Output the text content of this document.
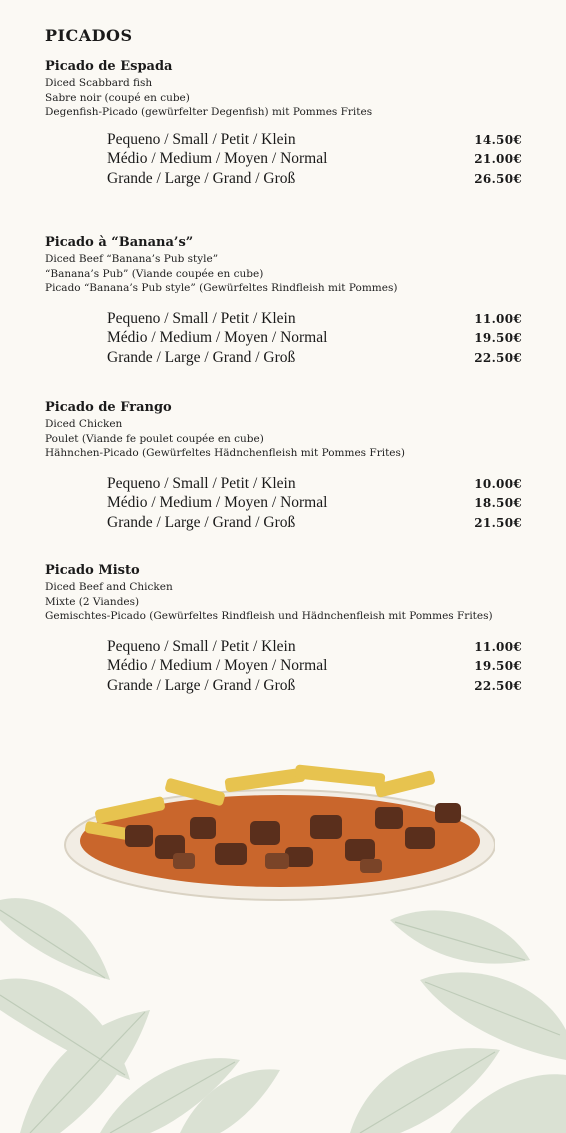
PICADOS

Picado de Espada

Diced Scabbard fish

Sabre noir (coupé en cube)

Degenfish-Picado (gewürfelter Degenfish) mit Pommes Frites

Pequeno / Small / Petit / Klein	14.50€
Médio / Medium / Moyen / Normal	21.00€
Grande / Large / Grand / Groß	26.50€

Picado à “Banana’s”

Diced Beef “Banana’s Pub style”

“Banana’s Pub” (Viande coupée en cube)

Picado “Banana’s Pub style” (Gewürfeltes Rindfleish mit Pommes)

Pequeno / Small / Petit / Klein	11.00€
Médio / Medium / Moyen / Normal	19.50€
Grande / Large / Grand / Groß	22.50€

Picado de Frango

Diced Chicken

Poulet (Viande fe poulet coupée en cube)

Hähnchen-Picado (Gewürfeltes Hädnchenfleish mit Pommes Frites)

Pequeno / Small / Petit / Klein	10.00€
Médio / Medium / Moyen / Normal	18.50€
Grande / Large / Grand / Groß	21.50€

Picado Misto

Diced Beef and Chicken

Mixte (2 Viandes)

Gemischtes-Picado (Gewürfeltes Rindfleish und Hädnchenfleish mit Pommes Frites)

Pequeno / Small / Petit / Klein	11.00€
Médio / Medium / Moyen / Normal	19.50€
Grande / Large / Grand / Groß	22.50€
